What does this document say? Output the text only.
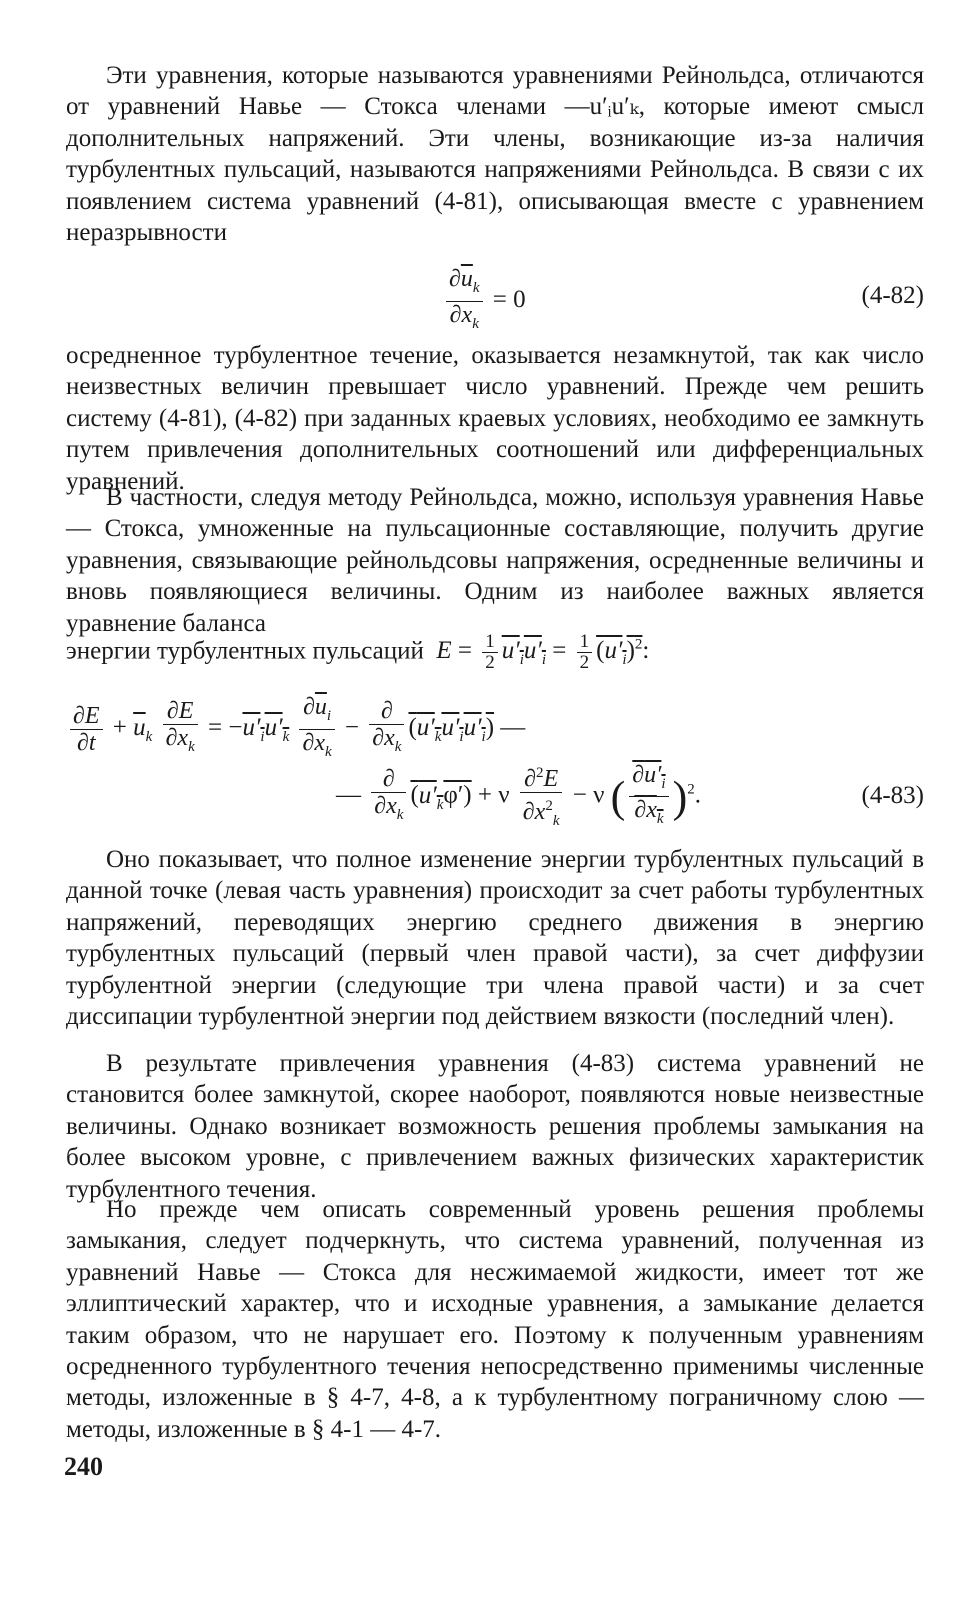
Эти уравнения, которые называются уравнениями Рейнольдса, отличаются от уравнений Навье — Стокса членами —u′ᵢu′ₖ, которые имеют смысл дополнительных напряжений. Эти члены, возникающие из-за наличия турбулентных пульсаций, называются напряжениями Рейнольдса. В связи с их появлением система уравнений (4-81), описывающая вместе с уравнением неразрывности

$\frac{\partial\overline{u}_k}{\partial x_k} = 0$	(4-82)

осредненное турбулентное течение, оказывается незамкнутой, так как число неизвестных величин превышает число уравнений. Прежде чем решить систему (4-81), (4-82) при заданных краевых условиях, необходимо ее замкнуть путем привлечения дополнительных соотношений или дифференциальных уравнений.

В частности, следуя методу Рейнольдса, можно, используя уравнения Навье — Стокса, умноженные на пульсационные составляющие, получить другие уравнения, связывающие рейнольдсовы напряжения, осредненные величины и вновь появляющиеся величины. Одним из наиболее важных является уравнение баланса

энергии турбулентных пульсаций $E = \frac{1}{2} u'_iu'_i = \frac{1}{2} (u'_i)^2$:
$\frac{\partial E}{\partial t} + \overline{u}_k \frac{\partial E}{\partial x_k} = -u'_iu'_k \frac{\partial\overline{u}_i}{\partial x_k} - \frac{\partial}{\partial x_k} (u'_ku'_iu'_i)$ —
— $\frac{\partial}{\partial x_k} (u'_k\varphi') + \nu \frac{\partial^2E}{\partial x^2_k} - \nu$ ( $\frac{\partial u'_i}{\partial x_k} )^2$.	(4-83)

Оно показывает, что полное изменение энергии турбулентных пульсаций в данной точке (левая часть уравнения) происходит за счет работы турбулентных напряжений, переводящих энергию среднего движения в энергию турбулентных пульсаций (первый член правой части), за счет диффузии турбулентной энергии (следующие три члена правой части) и за счет диссипации турбулентной энергии под действием вязкости (последний член).

В результате привлечения уравнения (4-83) система уравнений не становится более замкнутой, скорее наоборот, появляются новые неизвестные величины. Однако возникает возможность решения проблемы замыкания на более высоком уровне, с привлечением важных физических характеристик турбулентного течения.

Но прежде чем описать современный уровень решения проблемы замыкания, следует подчеркнуть, что система уравнений, полученная из уравнений Навье — Стокса для несжимаемой жидкости, имеет тот же эллиптический характер, что и исходные уравнения, а замыкание делается таким образом, что не нарушает его. Поэтому к полученным уравнениям осредненного турбулентного течения непосредственно применимы численные методы, изложенные в § 4-7, 4-8, а к турбулентному пограничному слою — методы, изложенные в § 4-1 — 4-7.

240
